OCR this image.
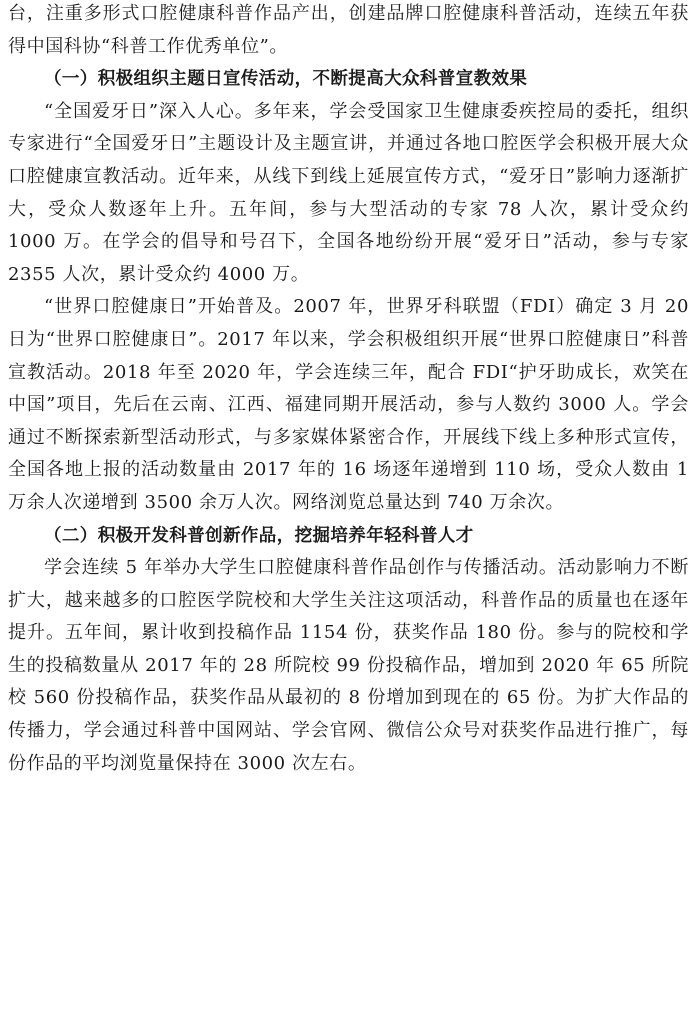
台，注重多形式口腔健康科普作品产出，创建品牌口腔健康科普活动，连续五年获得中国科协“科普工作优秀单位”。

（一）积极组织主题日宣传活动，不断提高大众科普宣教效果

“全国爱牙日”深入人心。多年来，学会受国家卫生健康委疾控局的委托，组织专家进行“全国爱牙日”主题设计及主题宣讲，并通过各地口腔医学会积极开展大众口腔健康宣教活动。近年来，从线下到线上延展宣传方式，“爱牙日”影响力逐渐扩大，受众人数逐年上升。五年间，参与大型活动的专家 78 人次，累计受众约 1000 万。在学会的倡导和号召下，全国各地纷纷开展“爱牙日”活动，参与专家 2355 人次，累计受众约 4000 万。

“世界口腔健康日”开始普及。2007 年，世界牙科联盟（FDI）确定 3 月 20 日为“世界口腔健康日”。2017 年以来，学会积极组织开展“世界口腔健康日”科普宣教活动。2018 年至 2020 年，学会连续三年，配合 FDI“护牙助成长，欢笑在中国”项目，先后在云南、江西、福建同期开展活动，参与人数约 3000 人。学会通过不断探索新型活动形式，与多家媒体紧密合作，开展线下线上多种形式宣传，全国各地上报的活动数量由 2017 年的 16 场逐年递增到 110 场，受众人数由 1 万余人次递增到 3500 余万人次。网络浏览总量达到 740 万余次。

（二）积极开发科普创新作品，挖掘培养年轻科普人才

学会连续 5 年举办大学生口腔健康科普作品创作与传播活动。活动影响力不断扩大，越来越多的口腔医学院校和大学生关注这项活动，科普作品的质量也在逐年提升。五年间，累计收到投稿作品 1154 份，获奖作品 180 份。参与的院校和学生的投稿数量从 2017 年的 28 所院校 99 份投稿作品，增加到 2020 年 65 所院校 560 份投稿作品，获奖作品从最初的 8 份增加到现在的 65 份。为扩大作品的传播力，学会通过科普中国网站、学会官网、微信公众号对获奖作品进行推广，每份作品的平均浏览量保持在 3000 次左右。
